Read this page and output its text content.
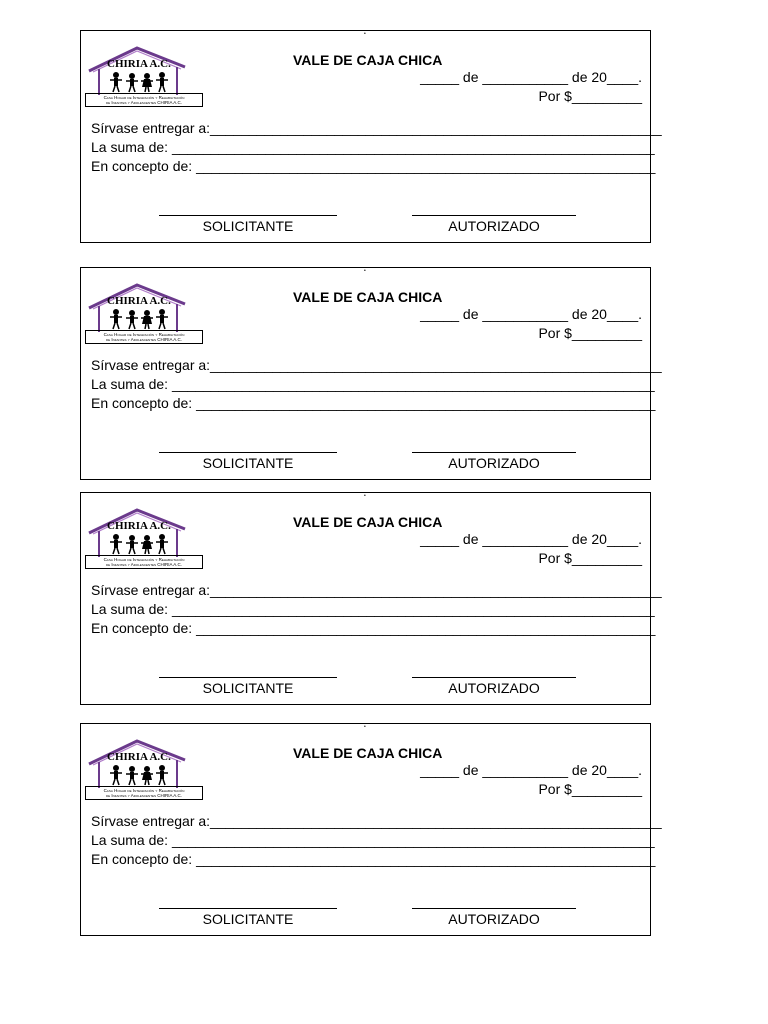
•
CHIRIA A.C.
Casa Hogar de Integración y Rehabilitación
de Infantes y Adolescentes CHIRIA A.C.
VALE DE CAJA CHICA
_____ de ___________ de 20____.
Por $_________
Sírvase entregar a:__________________________________________________________
La suma de: ______________________________________________________________
En concepto de: ___________________________________________________________
SOLICITANTE	AUTORIZADO
•
CHIRIA A.C.
Casa Hogar de Integración y Rehabilitación
de Infantes y Adolescentes CHIRIA A.C.
VALE DE CAJA CHICA
_____ de ___________ de 20____.
Por $_________
Sírvase entregar a:__________________________________________________________
La suma de: ______________________________________________________________
En concepto de: ___________________________________________________________
SOLICITANTE	AUTORIZADO
•
CHIRIA A.C.
Casa Hogar de Integración y Rehabilitación
de Infantes y Adolescentes CHIRIA A.C.
VALE DE CAJA CHICA
_____ de ___________ de 20____.
Por $_________
Sírvase entregar a:__________________________________________________________
La suma de: ______________________________________________________________
En concepto de: ___________________________________________________________
SOLICITANTE	AUTORIZADO
•
CHIRIA A.C.
Casa Hogar de Integración y Rehabilitación
de Infantes y Adolescentes CHIRIA A.C.
VALE DE CAJA CHICA
_____ de ___________ de 20____.
Por $_________
Sírvase entregar a:__________________________________________________________
La suma de: ______________________________________________________________
En concepto de: ___________________________________________________________
SOLICITANTE	AUTORIZADO
